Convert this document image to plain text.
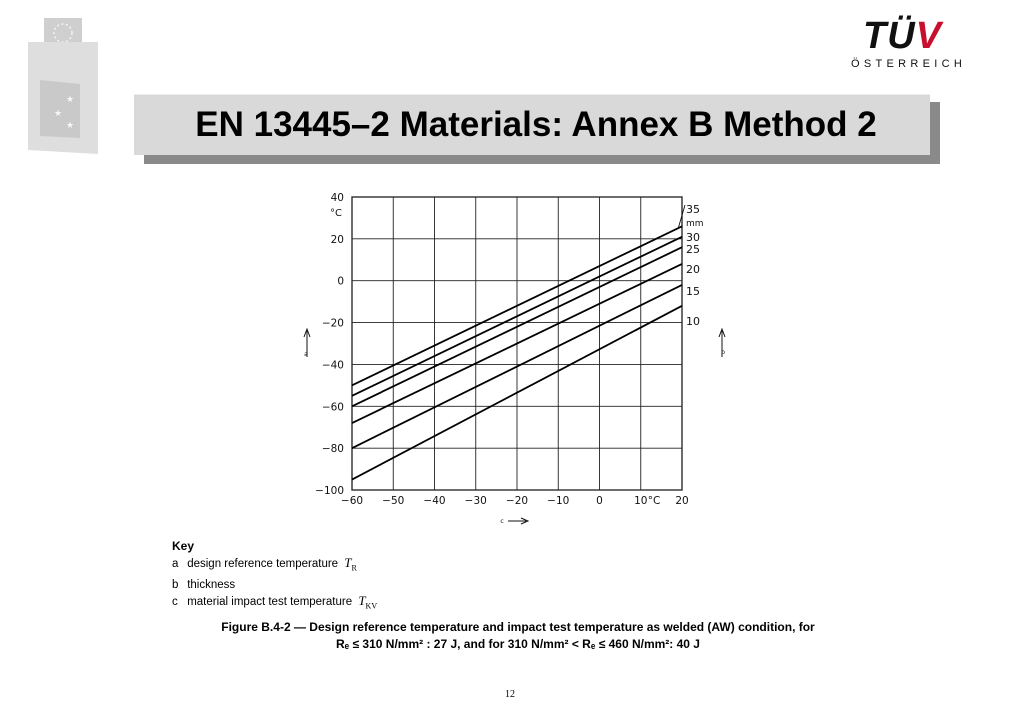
★
★
★
TÜV
ÖSTERREICH
EN 13445–2 Materials: Annex B Method 2
−60 −50 −40 −30 −20 −10	0	10	20
°C
−100
−80
−60
−40
−20
0
20
40
°C	35
30
25
20
15
10
mm
a	b
c
Key
a design reference temperature $T_R$
b thickness
c material impact test temperature $T_{KV}$
Figure B.4-2 — Design reference temperature and impact test temperature as welded (AW) condition, for
Rₑ ≤ 310 N/mm² : 27 J, and for 310 N/mm² < Rₑ ≤ 460 N/mm²: 40 J
12
